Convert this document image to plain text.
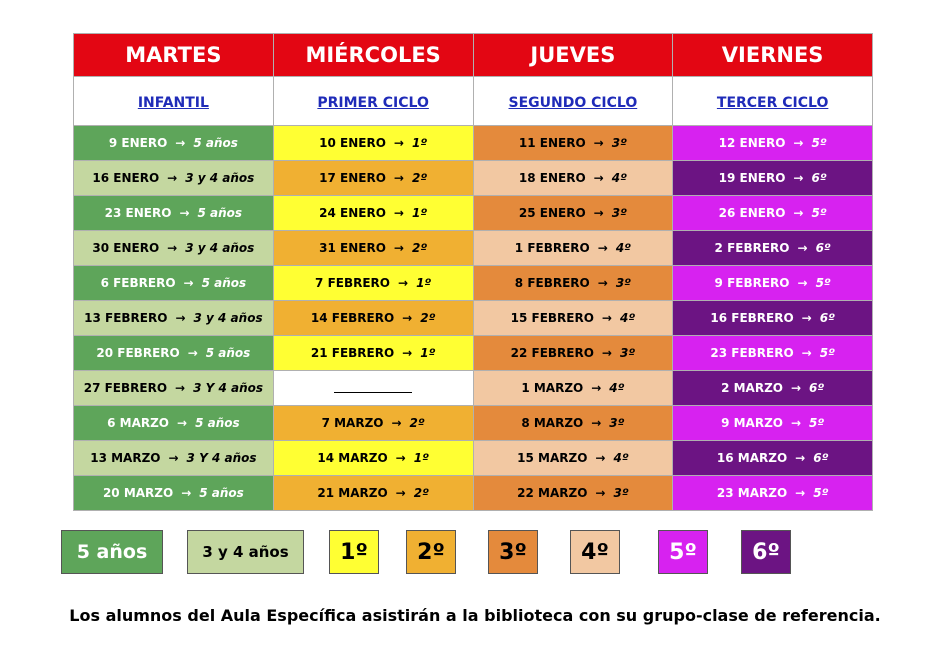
MARTES	MIÉRCOLES	JUEVES	VIERNES
INFANTIL	PRIMER CICLO	SEGUNDO CICLO	TERCER CICLO

9 ENERO → 5 años	10 ENERO → 1º	11 ENERO → 3º	12 ENERO → 5º

16 ENERO → 3 y 4 años	17 ENERO → 2º	18 ENERO → 4º	19 ENERO → 6º

23 ENERO → 5 años	24 ENERO → 1º	25 ENERO → 3º	26 ENERO → 5º

30 ENERO → 3 y 4 años	31 ENERO → 2º	1 FEBRERO → 4º	2 FEBRERO → 6º

6 FEBRERO → 5 años	7 FEBRERO → 1º	8 FEBRERO → 3º	9 FEBRERO → 5º

13 FEBRERO → 3 y 4 años	14 FEBRERO → 2º	15 FEBRERO → 4º	16 FEBRERO → 6º

20 FEBRERO → 5 años	21 FEBRERO → 1º	22 FEBRERO → 3º	23 FEBRERO → 5º

27 FEBRERO → 3 Y 4 años		1 MARZO → 4º	2 MARZO → 6º

6 MARZO → 5 años	7 MARZO → 2º	8 MARZO → 3º	9 MARZO → 5º

13 MARZO → 3 Y 4 años	14 MARZO → 1º	15 MARZO → 4º	16 MARZO → 6º

20 MARZO → 5 años	21 MARZO → 2º	22 MARZO → 3º	23 MARZO → 5º
5 años	3 y 4 años	1º	2º	3º	4º	5º	6º
Los alumnos del Aula Específica asistirán a la biblioteca con su grupo-clase de referencia.
